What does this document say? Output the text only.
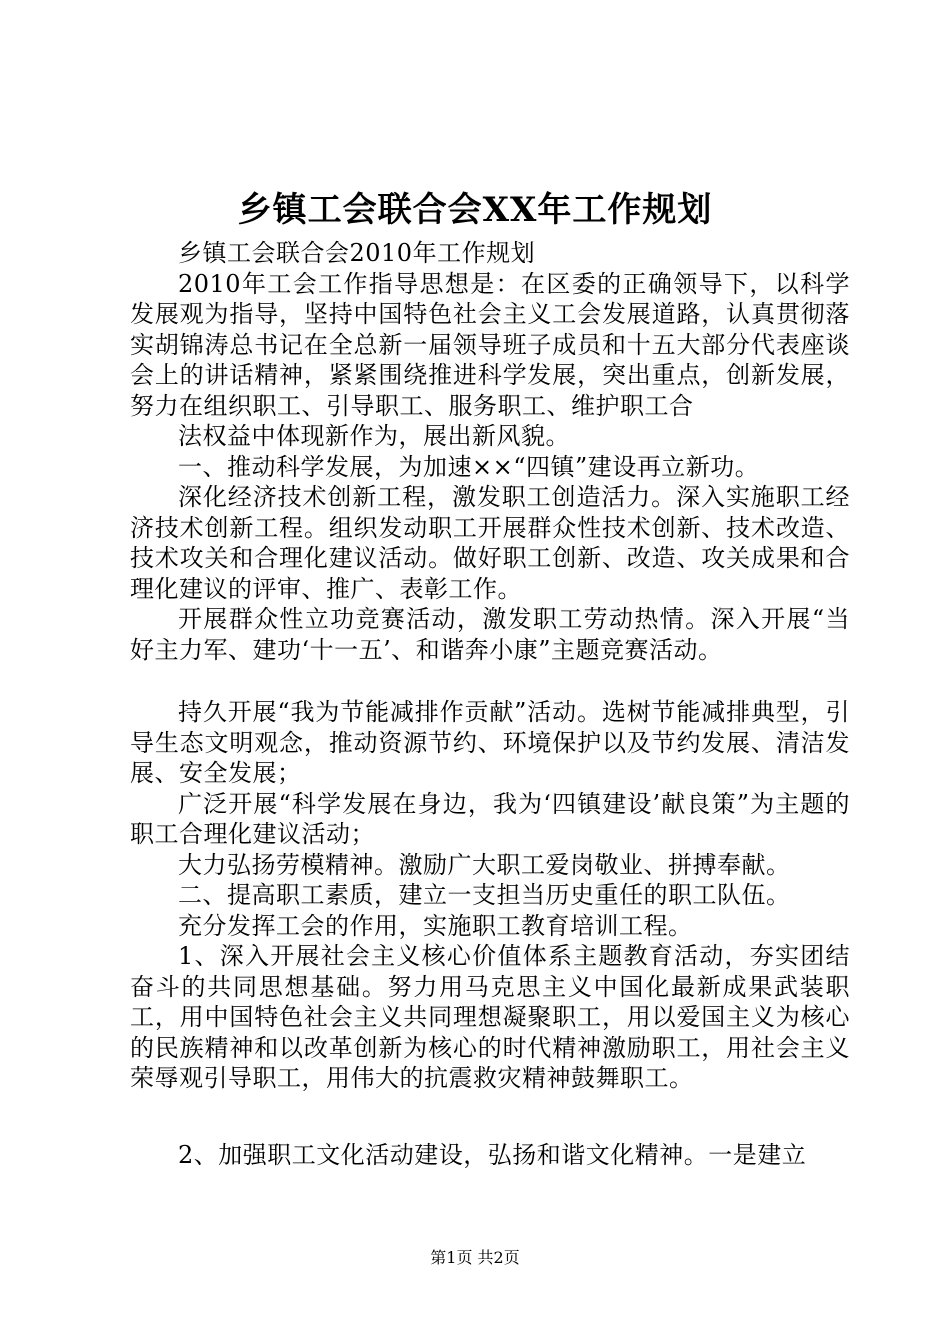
乡镇工会联合会XX年工作规划

乡镇工会联合会2010年工作规划

2010年工会工作指导思想是：在区委的正确领导下，以科学发展观为指导，坚持中国特色社会主义工会发展道路，认真贯彻落实胡锦涛总书记在全总新一届领导班子成员和十五大部分代表座谈会上的讲话精神，紧紧围绕推进科学发展，突出重点，创新发展，努力在组织职工、引导职工、服务职工、维护职工合

法权益中体现新作为，展出新风貌。

一、推动科学发展，为加速××“四镇”建设再立新功。

深化经济技术创新工程，激发职工创造活力。深入实施职工经济技术创新工程。组织发动职工开展群众性技术创新、技术改造、技术攻关和合理化建议活动。做好职工创新、改造、攻关成果和合理化建议的评审、推广、表彰工作。

开展群众性立功竞赛活动，激发职工劳动热情。深入开展“当好主力军、建功‘十一五’、和谐奔小康”主题竞赛活动。

持久开展“我为节能减排作贡献”活动。选树节能减排典型，引导生态文明观念，推动资源节约、环境保护以及节约发展、清洁发展、安全发展；

广泛开展“科学发展在身边，我为‘四镇建设’献良策”为主题的职工合理化建议活动；

大力弘扬劳模精神。激励广大职工爱岗敬业、拼搏奉献。

二、提高职工素质，建立一支担当历史重任的职工队伍。

充分发挥工会的作用，实施职工教育培训工程。

1、深入开展社会主义核心价值体系主题教育活动，夯实团结奋斗的共同思想基础。努力用马克思主义中国化最新成果武装职工，用中国特色社会主义共同理想凝聚职工，用以爱国主义为核心的民族精神和以改革创新为核心的时代精神激励职工，用社会主义荣辱观引导职工，用伟大的抗震救灾精神鼓舞职工。

2、加强职工文化活动建设，弘扬和谐文化精神。一是建立

第1页 共2页
